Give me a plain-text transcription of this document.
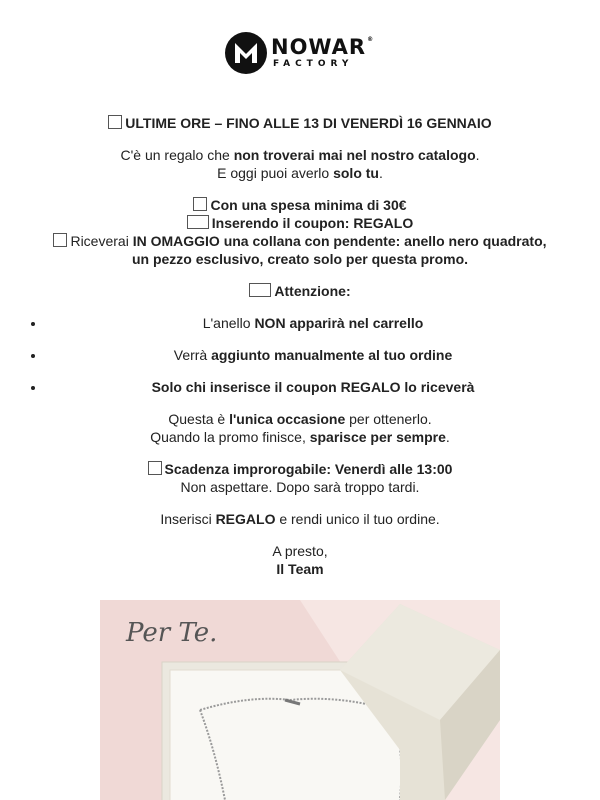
NOWAR®
FACTORY

ULTIME ORE – FINO ALLE 13 DI VENERDÌ 16 GENNAIO

C'è un regalo che non troverai mai nel nostro catalogo.
E oggi puoi averlo solo tu.

Con una spesa minima di 30€
Inserendo il coupon: REGALO
Riceverai IN OMAGGIO una collana con pendente: anello nero quadrato,
un pezzo esclusivo, creato solo per questa promo.

Attenzione:

• L'anello NON apparirà nel carrello
• Verrà aggiunto manualmente al tuo ordine
• Solo chi inserisce il coupon REGALO lo riceverà

Questa è l'unica occasione per ottenerlo.
Quando la promo finisce, sparisce per sempre.

Scadenza improrogabile: Venerdì alle 13:00
Non aspettare. Dopo sarà troppo tardi.

Inserisci REGALO e rendi unico il tuo ordine.

A presto,
Il Team

Per Te.
